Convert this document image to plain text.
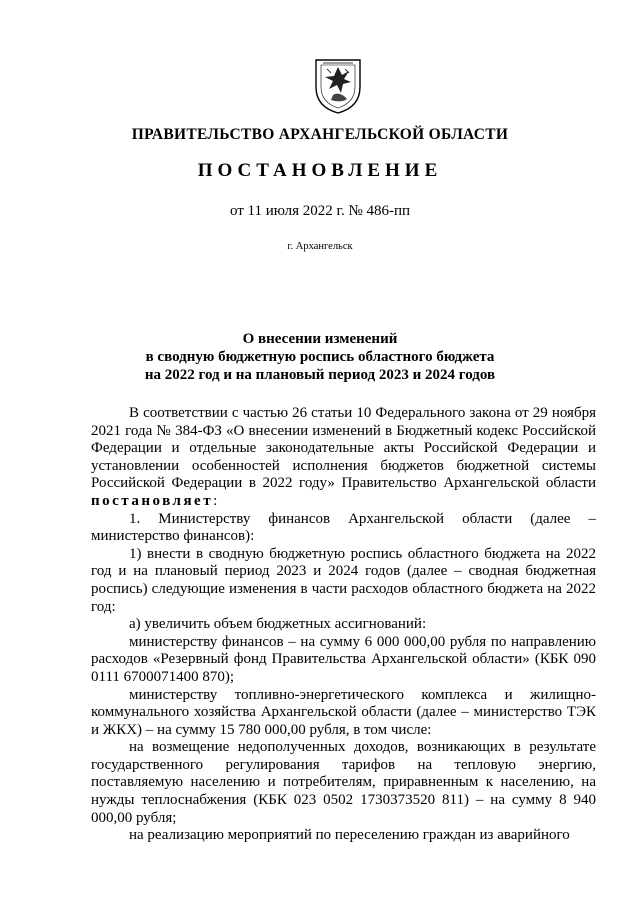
ПРАВИТЕЛЬСТВО АРХАНГЕЛЬСКОЙ ОБЛАСТИ
ПОСТАНОВЛЕНИЕ
от 11 июля 2022 г. № 486-пп
г. Архангельск
О внесении изменений
в сводную бюджетную роспись областного бюджета
на 2022 год и на плановый период 2023 и 2024 годов

В соответствии с частью 26 статьи 10 Федерального закона от 29 ноября 2021 года № 384-ФЗ «О внесении изменений в Бюджетный кодекс Российской Федерации и отдельные законодательные акты Российской Федерации и установлении особенностей исполнения бюджетов бюджетной системы Российской Федерации в 2022 году» Правительство Архангельской области постановляет:

1. Министерству финансов Архангельской области (далее – министерство финансов):

1) внести в сводную бюджетную роспись областного бюджета на 2022 год и на плановый период 2023 и 2024 годов (далее – сводная бюджетная роспись) следующие изменения в части расходов областного бюджета на 2022 год:

а) увеличить объем бюджетных ассигнований:

министерству финансов – на сумму 6 000 000,00 рубля по направлению расходов «Резервный фонд Правительства Архангельской области» (КБК 090 0111 6700071400 870);

министерству топливно-энергетического комплекса и жилищно-коммунального хозяйства Архангельской области (далее – министерство ТЭК и ЖКХ) – на сумму 15 780 000,00 рубля, в том числе:

на возмещение недополученных доходов, возникающих в результате государственного регулирования тарифов на тепловую энергию, поставляемую населению и потребителям, приравненным к населению, на нужды теплоснабжения (КБК 023 0502 1730373520 811) – на сумму 8 940 000,00 рубля;

на реализацию мероприятий по переселению граждан из аварийного
